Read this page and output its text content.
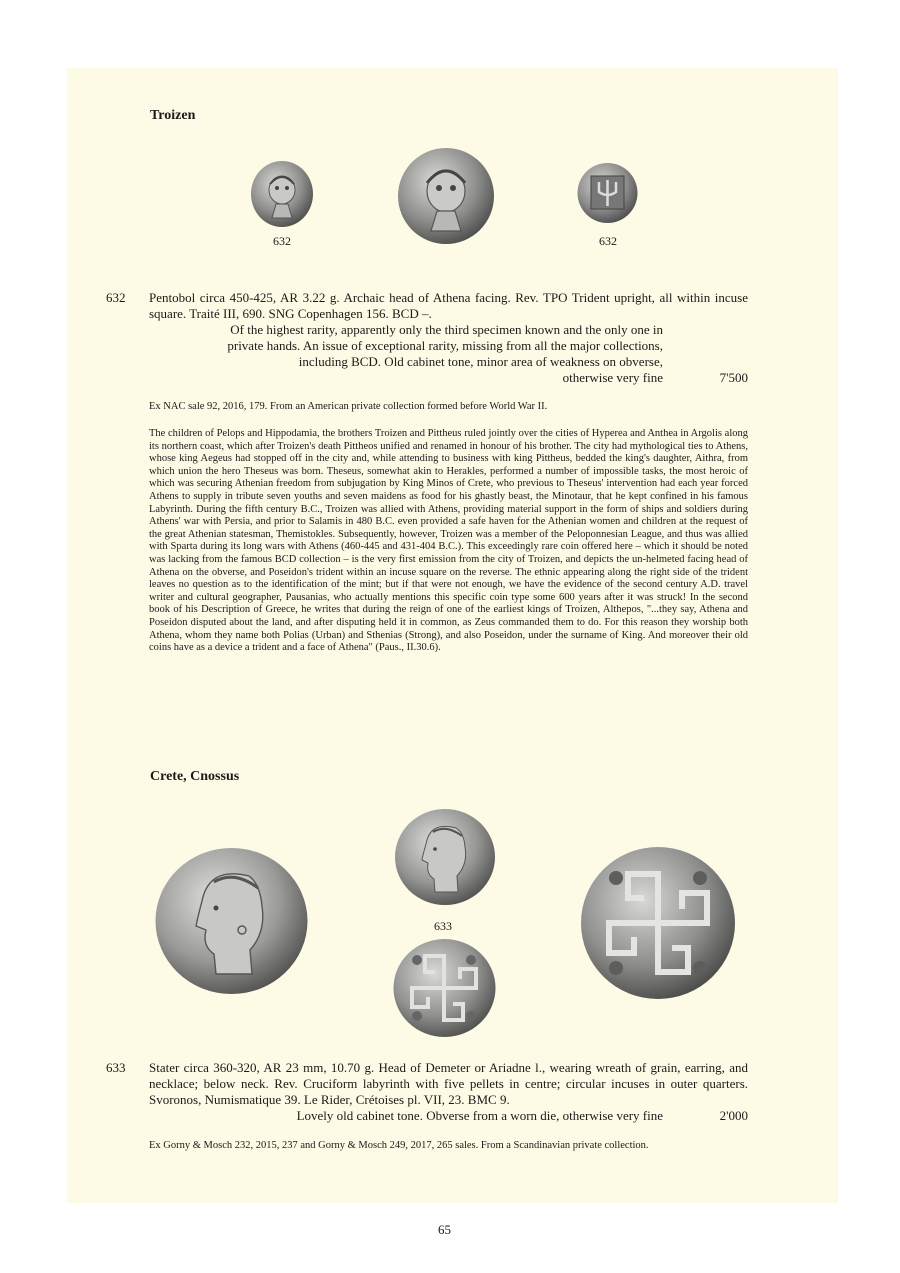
Troizen
632	632
632 Pentobol circa 450-425, AR 3.22 g. Archaic head of Athena facing. Rev. TPO Trident upright, all within incuse square. Traité III, 690. SNG Copenhagen 156. BCD –.
Of the highest rarity, apparently only the third specimen known and the only one in
private hands. An issue of exceptional rarity, missing from all the major collections,
including BCD. Old cabinet tone, minor area of weakness on obverse,
otherwise very fine	7'500
Ex NAC sale 92, 2016, 179. From an American private collection formed before World War II.
The children of Pelops and Hippodamia, the brothers Troizen and Pittheus ruled jointly over the cities of Hyperea and Anthea in Argolis along its northern coast, which after Troizen's death Pittheos unified and renamed in honour of his brother. The city had mythological ties to Athens, whose king Aegeus had stopped off in the city and, while attending to business with king Pittheus, bedded the king's daughter, Aithra, from which union the hero Theseus was born. Theseus, somewhat akin to Herakles, performed a number of impossible tasks, the most heroic of which was securing Athenian freedom from subjugation by King Minos of Crete, who previous to Theseus' intervention had each year forced Athens to supply in tribute seven youths and seven maidens as food for his ghastly beast, the Minotaur, that he kept confined in his famous Labyrinth. During the fifth century B.C., Troizen was allied with Athens, providing material support in the form of ships and soldiers during Athens' war with Persia, and prior to Salamis in 480 B.C. even provided a safe haven for the Athenian women and children at the request of the great Athenian statesman, Themistokles. Subsequently, however, Troizen was a member of the Peloponnesian League, and thus was allied with Sparta during its long wars with Athens (460-445 and 431-404 B.C.). This exceedingly rare coin offered here – which it should be noted was lacking from the famous BCD collection – is the very first emission from the city of Troizen, and depicts the un-helmeted facing head of Athena on the obverse, and Poseidon's trident within an incuse square on the reverse. The ethnic appearing along the right side of the trident leaves no question as to the identification of the mint; but if that were not enough, we have the evidence of the second century A.D. travel writer and cultural geographer, Pausanias, who actually mentions this specific coin type some 600 years after it was struck! In the second book of his Description of Greece, he writes that during the reign of one of the earliest kings of Troizen, Althepos, "...they say, Athena and Poseidon disputed about the land, and after disputing held it in common, as Zeus commanded them to do. For this reason they worship both Athena, whom they name both Polias (Urban) and Sthenias (Strong), and also Poseidon, under the surname of King. And moreover their old coins have as a device a trident and a face of Athena" (Paus., II.30.6).
Crete, Cnossus
633
633 Stater circa 360-320, AR 23 mm, 10.70 g. Head of Demeter or Ariadne l., wearing wreath of grain, earring, and necklace; below neck. Rev. Cruciform labyrinth with five pellets in centre; circular incuses in outer quarters. Svoronos, Numismatique 39. Le Rider, Crétoises pl. VII, 23. BMC 9.
Lovely old cabinet tone. Obverse from a worn die, otherwise very fine	2'000
Ex Gorny & Mosch 232, 2015, 237 and Gorny & Mosch 249, 2017, 265 sales. From a Scandinavian private collection.
65
